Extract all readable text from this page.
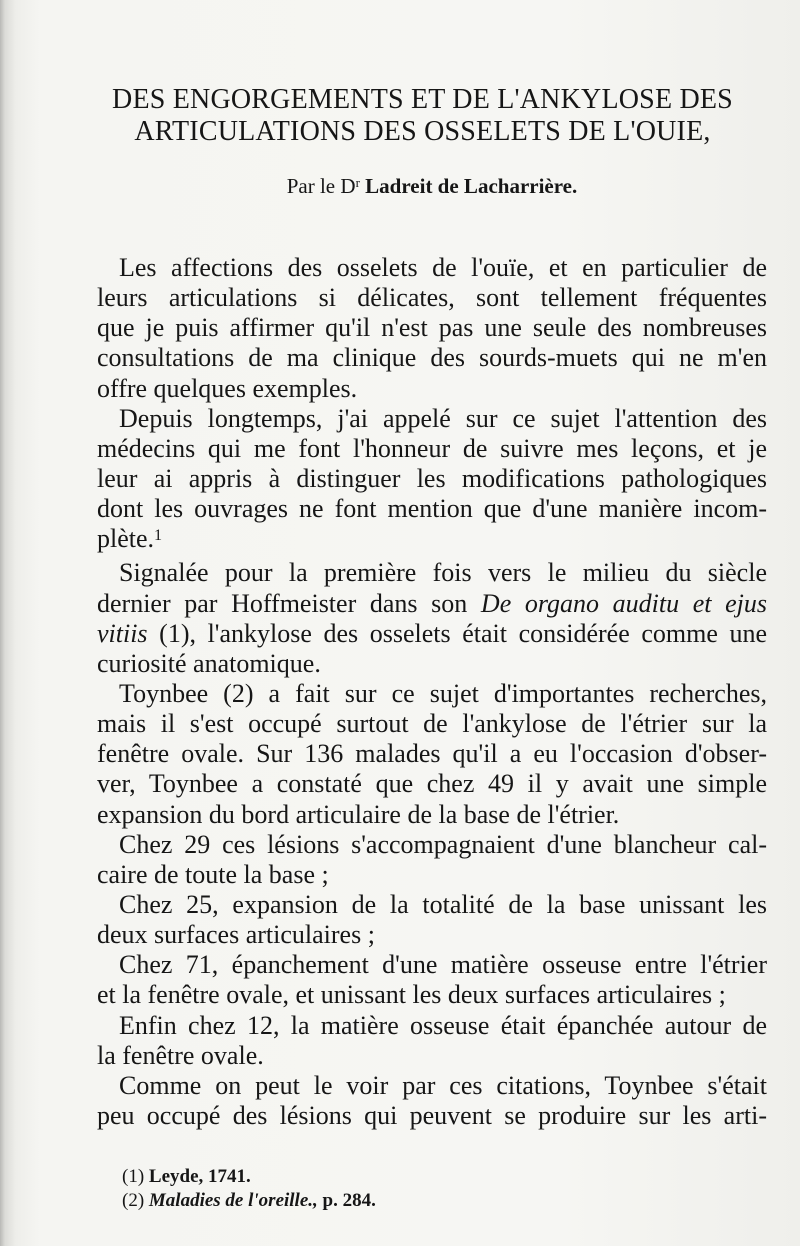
DES ENGORGEMENTS ET DE L'ANKYLOSE DES
ARTICULATIONS DES OSSELETS DE L'OUIE,
Par le $D^r$ Ladreit de Lacharrière.
Les affections des osselets de l'ouïe, et en particulier de
leurs articulations si délicates, sont tellement fréquentes
que je puis affirmer qu'il n'est pas une seule des nombreuses
consultations de ma clinique des sourds-muets qui ne m'en
offre quelques exemples.
Depuis longtemps, j'ai appelé sur ce sujet l'attention des
médecins qui me font l'honneur de suivre mes leçons, et je
leur ai appris à distinguer les modifications pathologiques
dont les ouvrages ne font mention que d'une manière incom-
plète.$^1$
Signalée pour la première fois vers le milieu du siècle
dernier par Hoffmeister dans son De organo auditu et ejus
vitiis (1), l'ankylose des osselets était considérée comme une
curiosité anatomique.
Toynbee (2) a fait sur ce sujet d'importantes recherches,
mais il s'est occupé surtout de l'ankylose de l'étrier sur la
fenêtre ovale. Sur 136 malades qu'il a eu l'occasion d'obser-
ver, Toynbee a constaté que chez 49 il y avait une simple
expansion du bord articulaire de la base de l'étrier.
Chez 29 ces lésions s'accompagnaient d'une blancheur cal-
caire de toute la base ;
Chez 25, expansion de la totalité de la base unissant les
deux surfaces articulaires ;
Chez 71, épanchement d'une matière osseuse entre l'étrier
et la fenêtre ovale, et unissant les deux surfaces articulaires ;
Enfin chez 12, la matière osseuse était épanchée autour de
la fenêtre ovale.
Comme on peut le voir par ces citations, Toynbee s'était
peu occupé des lésions qui peuvent se produire sur les arti-
(1) Leyde, 1741.
(2) Maladies de l'oreille., p. 284.
